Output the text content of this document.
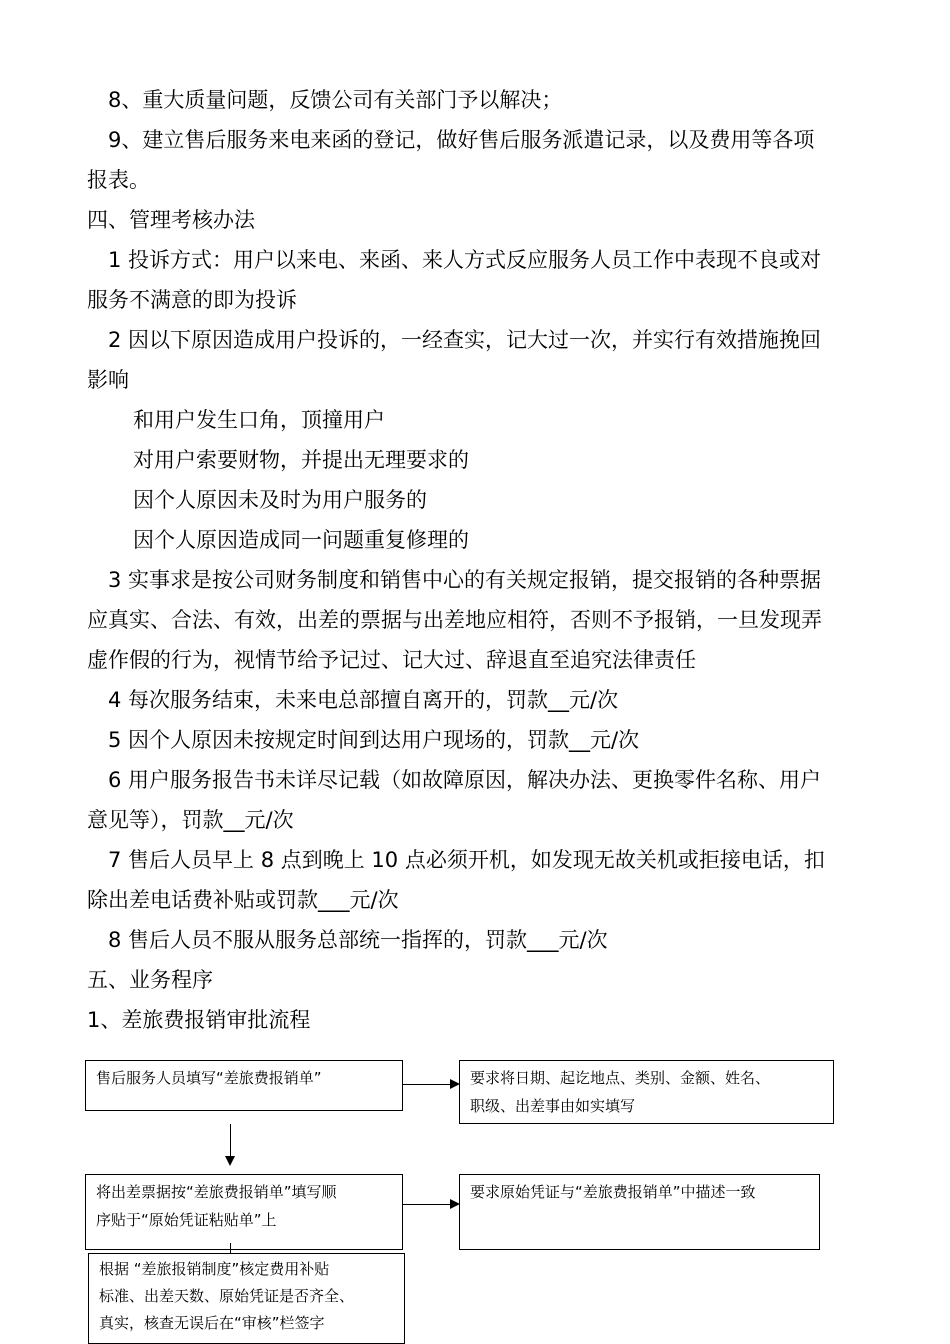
8、重大质量问题，反馈公司有关部门予以解决；
9、建立售后服务来电来函的登记，做好售后服务派遣记录，以及费用等各项
报表。
四、管理考核办法
1 投诉方式：用户以来电、来函、来人方式反应服务人员工作中表现不良或对
服务不满意的即为投诉
2 因以下原因造成用户投诉的，一经查实，记大过一次，并实行有效措施挽回
影响
和用户发生口角，顶撞用户
对用户索要财物，并提出无理要求的
因个人原因未及时为用户服务的
因个人原因造成同一问题重复修理的
3 实事求是按公司财务制度和销售中心的有关规定报销，提交报销的各种票据
应真实、合法、有效，出差的票据与出差地应相符，否则不予报销，一旦发现弄
虚作假的行为，视情节给予记过、记大过、辞退直至追究法律责任
4 每次服务结束，未来电总部擅自离开的，罚款__元/次
5 因个人原因未按规定时间到达用户现场的，罚款__元/次
6 用户服务报告书未详尽记载（如故障原因，解决办法、更换零件名称、用户
意见等），罚款__元/次
7 售后人员早上 8 点到晚上 10 点必须开机，如发现无故关机或拒接电话，扣
除出差电话费补贴或罚款___元/次
8 售后人员不服从服务总部统一指挥的，罚款___元/次
五、业务程序
1、差旅费报销审批流程
售后服务人员填写“差旅费报销单”	要求将日期、起讫地点、类别、金额、姓名、
职级、出差事由如实填写
将出差票据按“差旅费报销单”填写顺
序贴于“原始凭证粘贴单”上
要求原始凭证与“差旅费报销单”中描述一致
根据 “差旅报销制度”核定费用补贴
标准、出差天数、原始凭证是否齐全、
真实，核查无误后在“审核”栏签字
